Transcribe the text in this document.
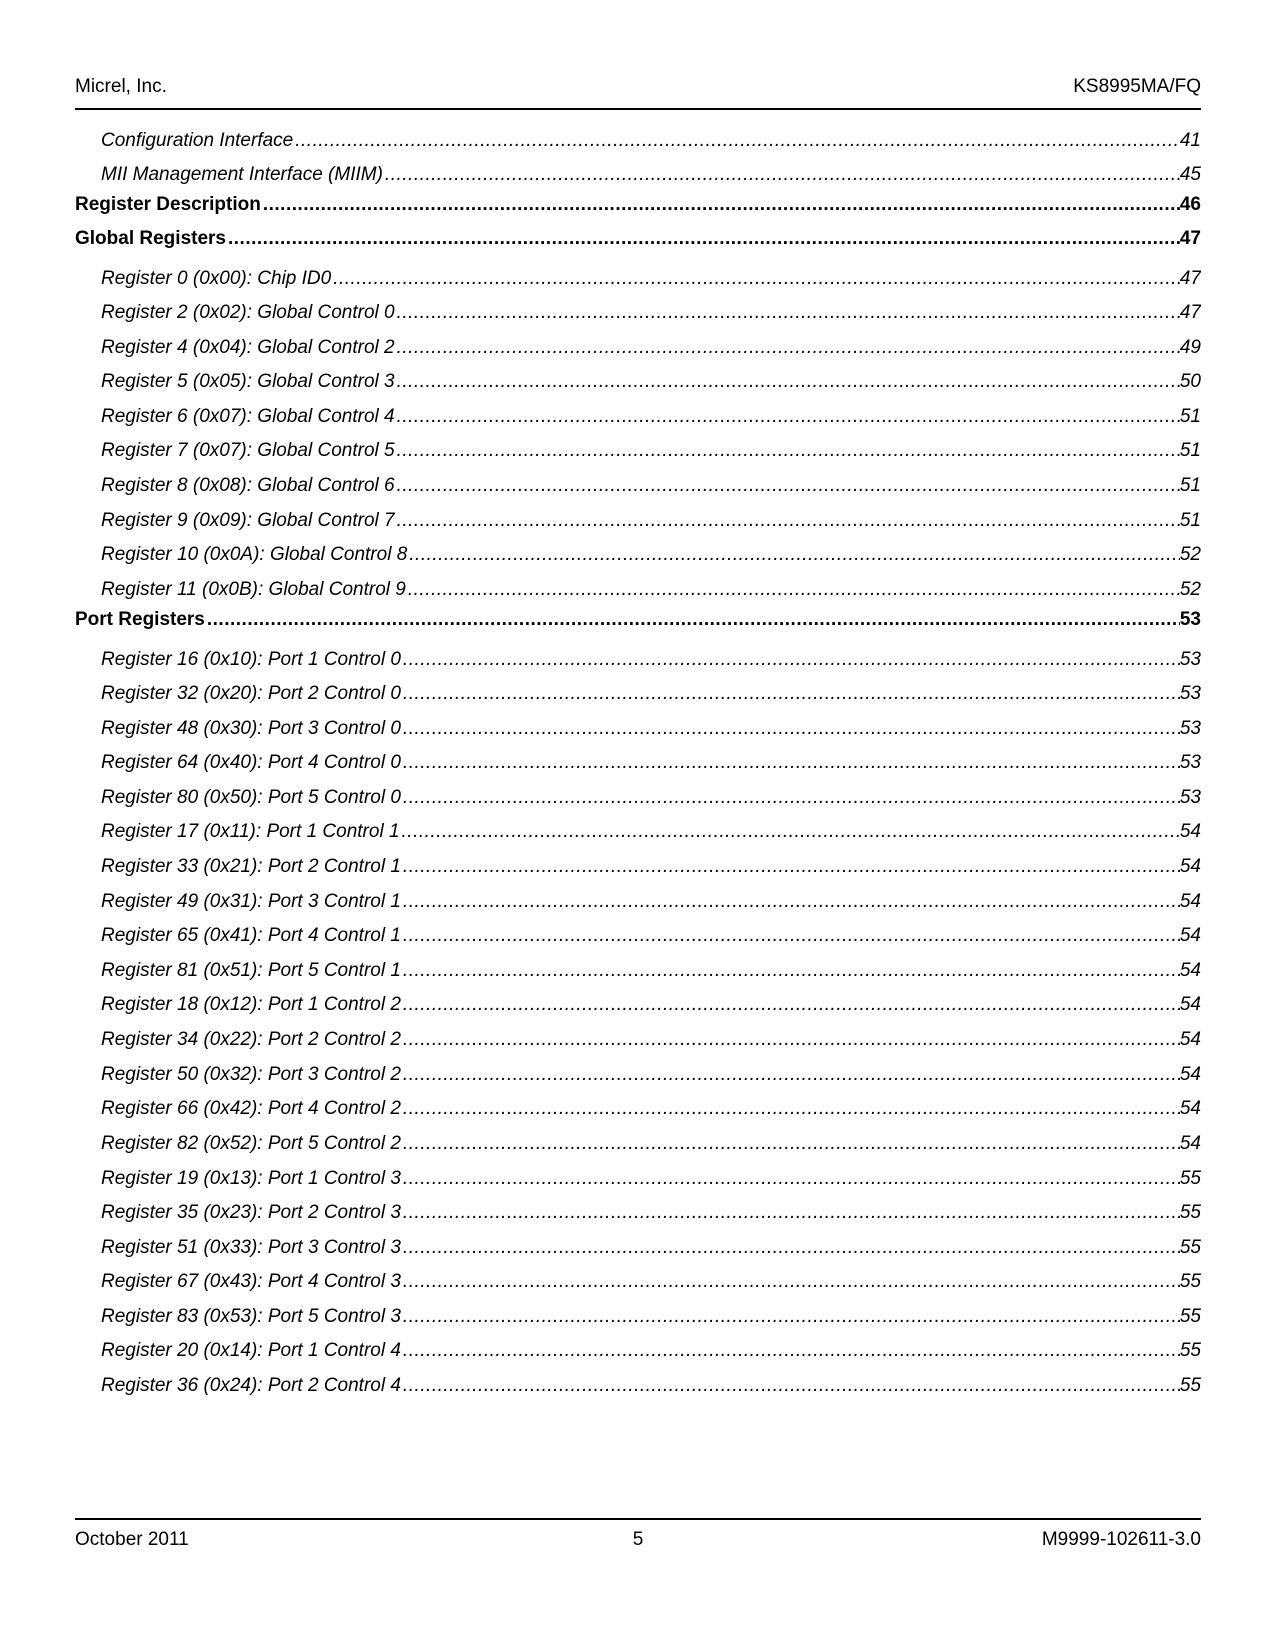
Micrel, Inc.	KS8995MA/FQ
Configuration Interface .....	41
MII Management Interface (MIIM) .....	45
Register Description .....	46
Global Registers .....	47
Register 0 (0x00): Chip ID0 .....	47
Register 2 (0x02): Global Control 0 .....	47
Register 4 (0x04): Global Control 2 .....	49
Register 5 (0x05): Global Control 3 .....	50
Register 6 (0x07): Global Control 4 .....	51
Register 7 (0x07): Global Control 5 .....	51
Register 8 (0x08): Global Control 6 .....	51
Register 9 (0x09): Global Control 7 .....	51
Register 10 (0x0A): Global Control 8 .....	52
Register 11 (0x0B): Global Control 9 .....	52
Port Registers .....	53
Register 16 (0x10): Port 1 Control 0 .....	53
Register 32 (0x20): Port 2 Control 0 .....	53
Register 48 (0x30): Port 3 Control 0 .....	53
Register 64 (0x40): Port 4 Control 0 .....	53
Register 80 (0x50): Port 5 Control 0 .....	53
Register 17 (0x11): Port 1 Control 1 .....	54
Register 33 (0x21): Port 2 Control 1 .....	54
Register 49 (0x31): Port 3 Control 1 .....	54
Register 65 (0x41): Port 4 Control 1 .....	54
Register 81 (0x51): Port 5 Control 1 .....	54
Register 18 (0x12): Port 1 Control 2 .....	54
Register 34 (0x22): Port 2 Control 2 .....	54
Register 50 (0x32): Port 3 Control 2 .....	54
Register 66 (0x42): Port 4 Control 2 .....	54
Register 82 (0x52): Port 5 Control 2 .....	54
Register 19 (0x13): Port 1 Control 3 .....	55
Register 35 (0x23): Port 2 Control 3 .....	55
Register 51 (0x33): Port 3 Control 3 .....	55
Register 67 (0x43): Port 4 Control 3 .....	55
Register 83 (0x53): Port 5 Control 3 .....	55
Register 20 (0x14): Port 1 Control 4 .....	55
Register 36 (0x24): Port 2 Control 4 .....	55
October 2011	5	M9999-102611-3.0
